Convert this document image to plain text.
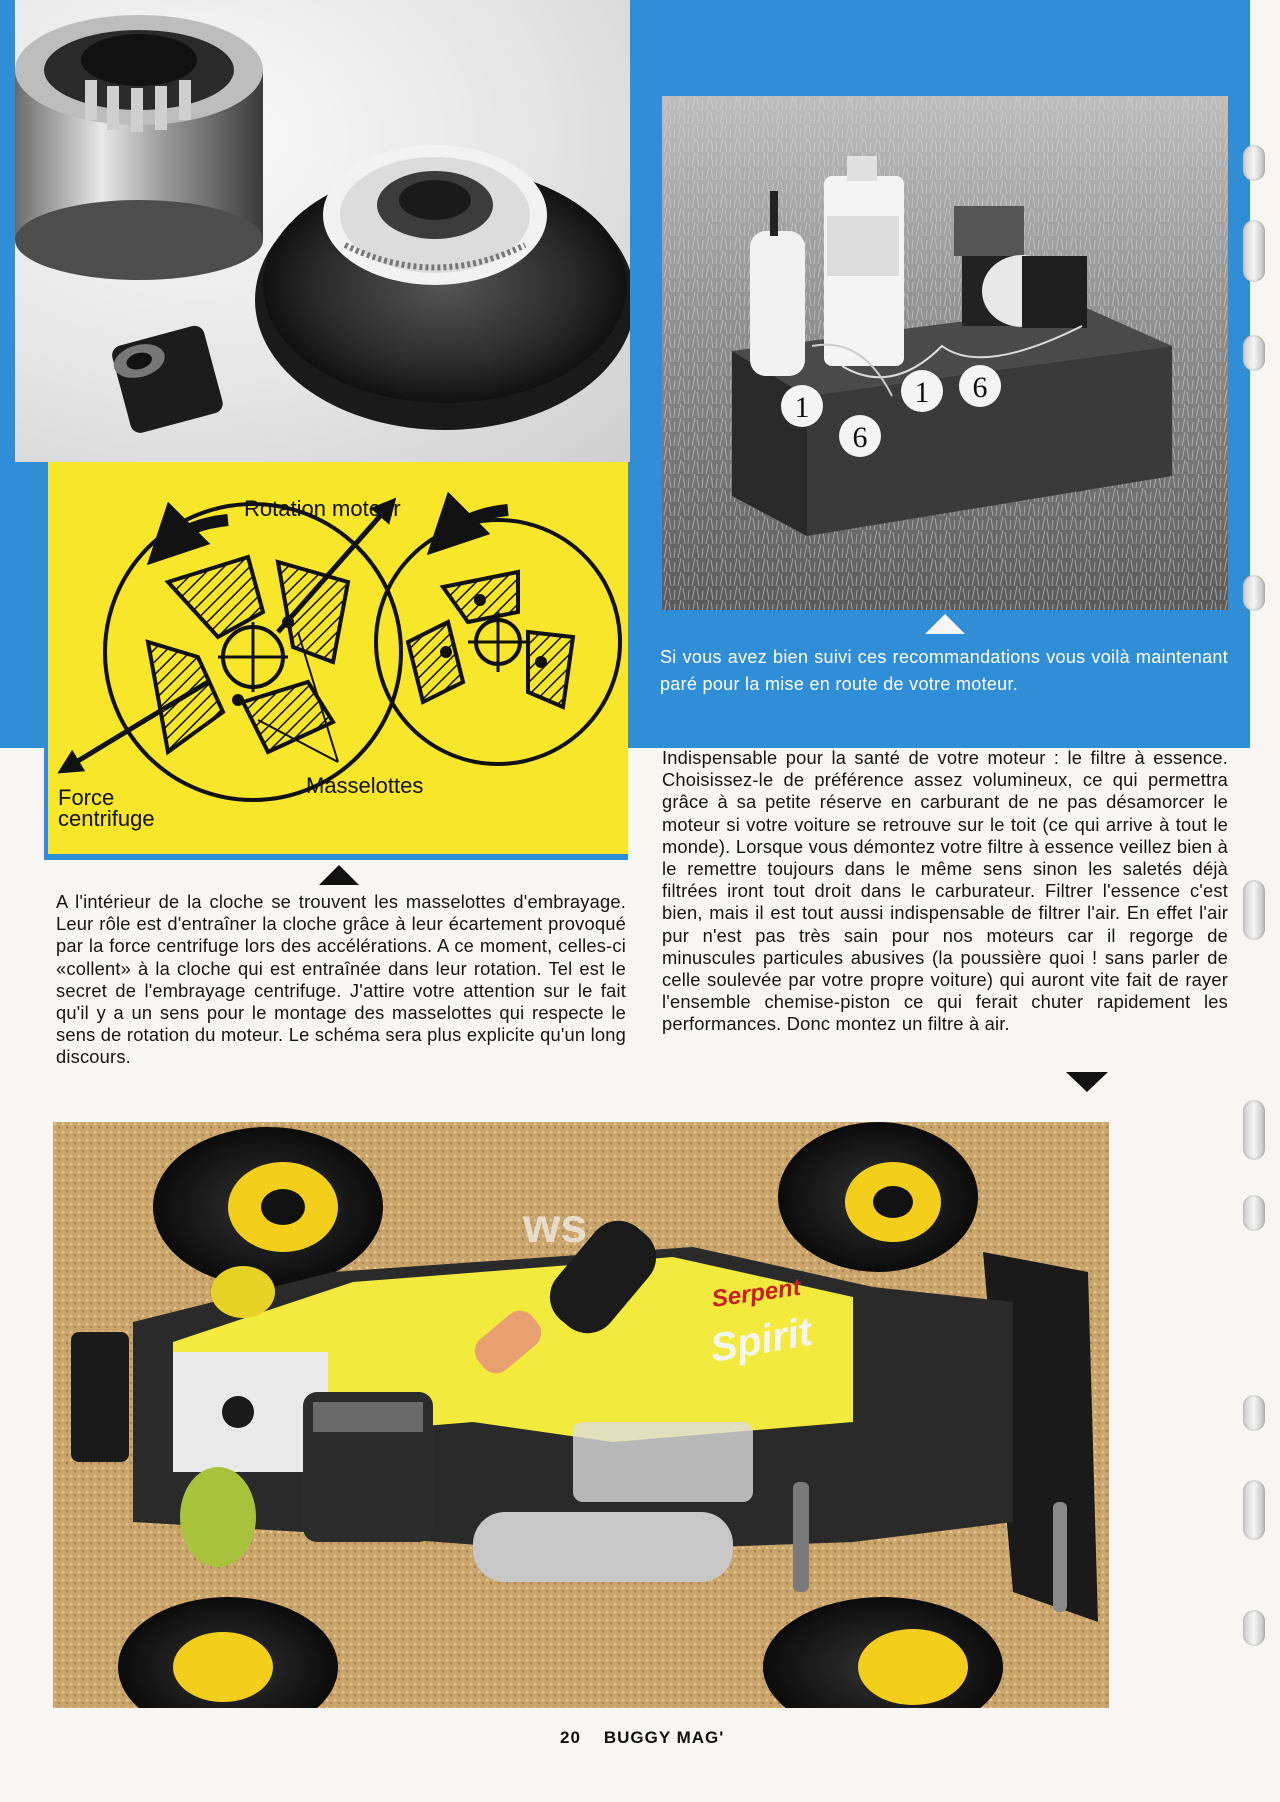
Rotation moteur
Force
centrifuge
Masselottes
1
6
1 6
Si vous avez bien suivi ces recommandations vous voilà maintenant paré pour la mise en route de votre moteur.
A l'intérieur de la cloche se trouvent les masselottes d'embrayage. Leur rôle est d'entraîner la cloche grâce à leur écartement provoqué par la force centrifuge lors des accélérations. A ce moment, celles-ci «collent» à la cloche qui est entraînée dans leur rotation. Tel est le secret de l'embrayage centrifuge. J'attire votre attention sur le fait qu'il y a un sens pour le montage des masselottes qui respecte le sens de rotation du moteur. Le schéma sera plus explicite qu'un long discours.
Indispensable pour la santé de votre moteur : le filtre à essence. Choisissez-le de préférence assez volumineux, ce qui permettra grâce à sa petite réserve en carburant de ne pas désamorcer le moteur si votre voiture se retrouve sur le toit (ce qui arrive à tout le monde). Lorsque vous démontez votre filtre à essence veillez bien à le remettre toujours dans le même sens sinon les saletés déjà filtrées iront tout droit dans le carburateur. Filtrer l'essence c'est bien, mais il est tout aussi indispensable de filtrer l'air. En effet l'air pur n'est pas très sain pour nos moteurs car il regorge de minuscules particules abusives (la poussière quoi ! sans parler de celle soulevée par votre propre voiture) qui auront vite fait de rayer l'ensemble chemise-piston ce qui ferait chuter rapidement les performances. Donc montez un filtre à air.
ws
Serpent
Spirit
20 BUGGY MAG'
